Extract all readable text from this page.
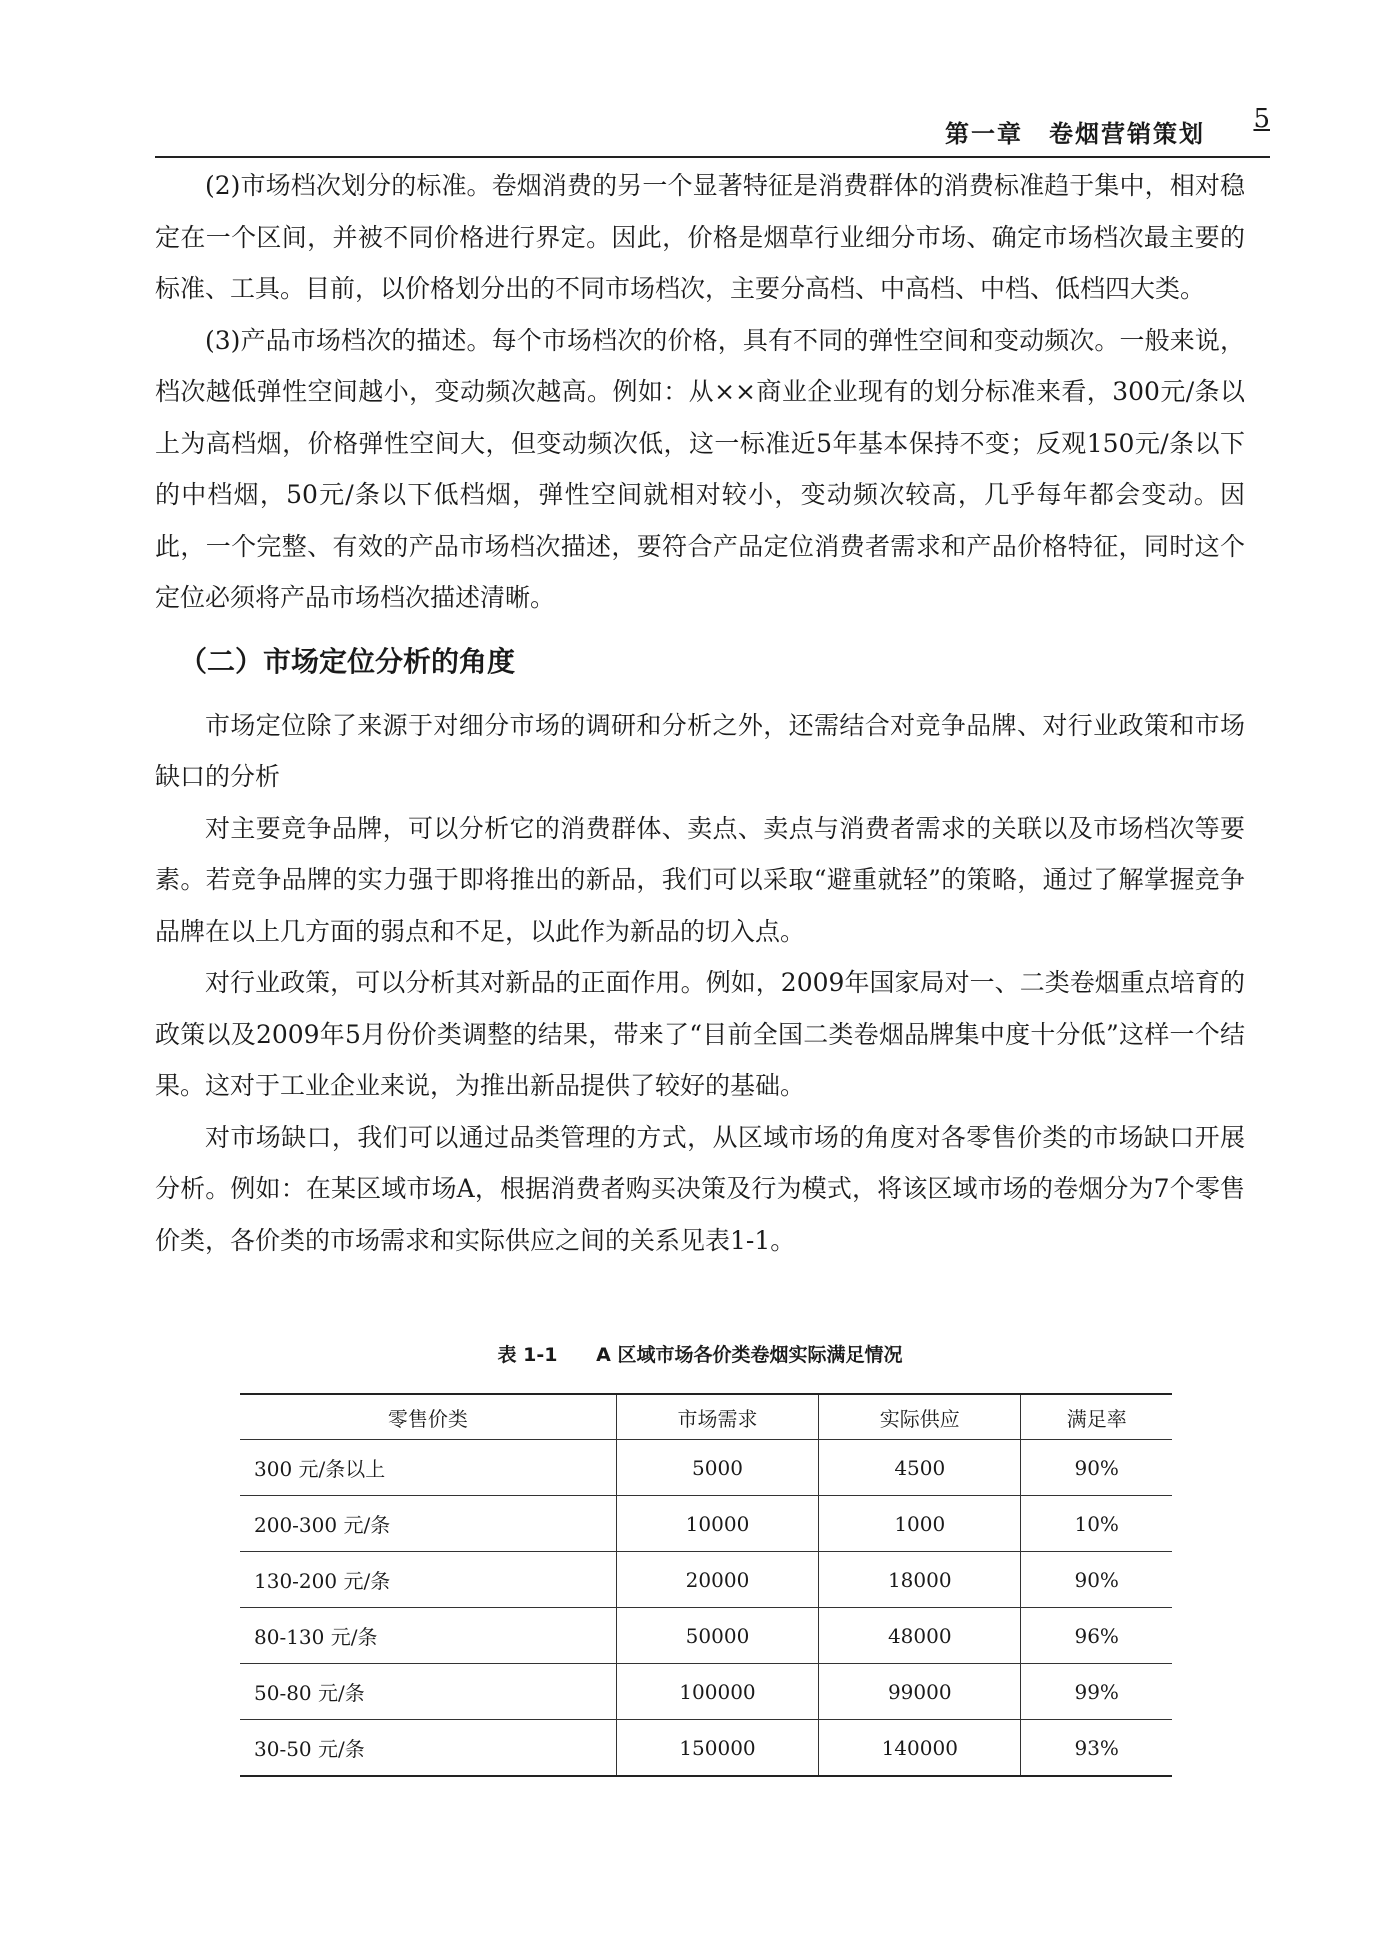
第一章　卷烟营销策划 5

(2)市场档次划分的标准。卷烟消费的另一个显著特征是消费群体的消费标准趋于集中，相对稳定在一个区间，并被不同价格进行界定。因此，价格是烟草行业细分市场、确定市场档次最主要的标准、工具。目前，以价格划分出的不同市场档次，主要分高档、中高档、中档、低档四大类。

(3)产品市场档次的描述。每个市场档次的价格，具有不同的弹性空间和变动频次。一般来说，档次越低弹性空间越小，变动频次越高。例如：从××商业企业现有的划分标准来看，300元/条以上为高档烟，价格弹性空间大，但变动频次低，这一标准近5年基本保持不变；反观150元/条以下的中档烟，50元/条以下低档烟，弹性空间就相对较小，变动频次较高，几乎每年都会变动。因此，一个完整、有效的产品市场档次描述，要符合产品定位消费者需求和产品价格特征，同时这个定位必须将产品市场档次描述清晰。

（二）市场定位分析的角度

市场定位除了来源于对细分市场的调研和分析之外，还需结合对竞争品牌、对行业政策和市场缺口的分析

对主要竞争品牌，可以分析它的消费群体、卖点、卖点与消费者需求的关联以及市场档次等要素。若竞争品牌的实力强于即将推出的新品，我们可以采取“避重就轻”的策略，通过了解掌握竞争品牌在以上几方面的弱点和不足，以此作为新品的切入点。

对行业政策，可以分析其对新品的正面作用。例如，2009年国家局对一、二类卷烟重点培育的政策以及2009年5月份价类调整的结果，带来了“目前全国二类卷烟品牌集中度十分低”这样一个结果。这对于工业企业来说，为推出新品提供了较好的基础。

对市场缺口，我们可以通过品类管理的方式，从区域市场的角度对各零售价类的市场缺口开展分析。例如：在某区域市场A，根据消费者购买决策及行为模式，将该区域市场的卷烟分为7个零售价类，各价类的市场需求和实际供应之间的关系见表1-1。

表 1-1 A 区域市场各价类卷烟实际满足情况
零售价类	市场需求	实际供应	满足率
300 元/条以上	5000	4500	90%
200-300 元/条	10000	1000	10%
130-200 元/条	20000	18000	90%
80-130 元/条	50000	48000	96%
50-80 元/条	100000	99000	99%
30-50 元/条	150000	140000	93%
